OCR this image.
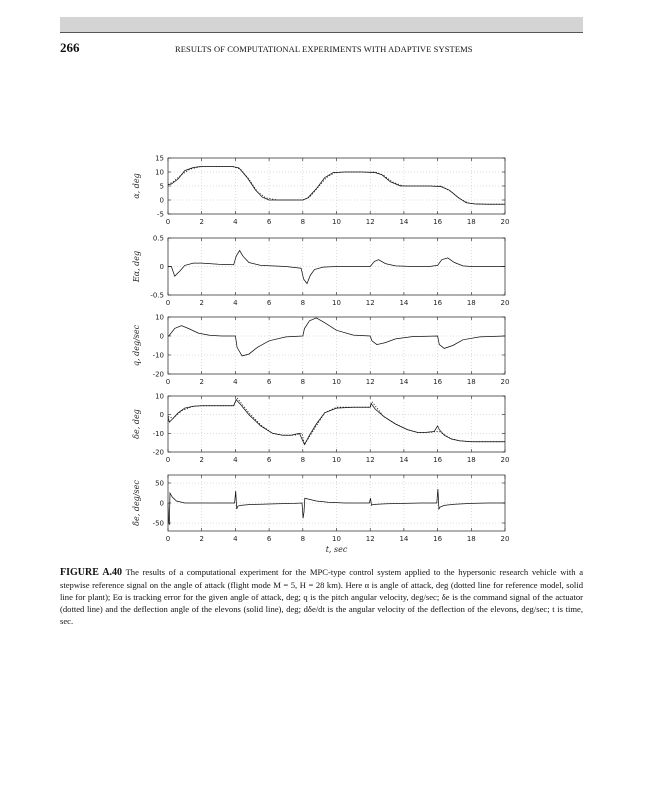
266	RESULTS OF COMPUTATIONAL EXPERIMENTS WITH ADAPTIVE SYSTEMS
0	2	4	6	8	10	12	14	16	18	20
15
10
5
0
-5
α, deg
0	2	4	6	8	10	12	14	16	18	20
0.5
0
-0.5
Eα, deg
0	2	4	6	8	10	12	14	16	18	20
10
0
-10
-20
q, deg/sec
0	2	4	6	8	10	12	14	16	18	20
10
0
-10
-20
δe, deg
0	2	4	6	8	10	12	14	16	18	20
50
0
-50
δ̇e, deg/sec
t, sec
FIGURE A.40 The results of a computational experiment for the MPC-type control system applied to the hypersonic research vehicle with a stepwise reference signal on the angle of attack (flight mode M = 5, H = 28 km). Here α is angle of attack, deg (dotted line for reference model, solid line for plant); Eα is tracking error for the given angle of attack, deg; q is the pitch angular velocity, deg/sec; δe is the command signal of the actuator (dotted line) and the deflection angle of the elevons (solid line), deg; dδe/dt is the angular velocity of the deflection of the elevons, deg/sec; t is time, sec.
